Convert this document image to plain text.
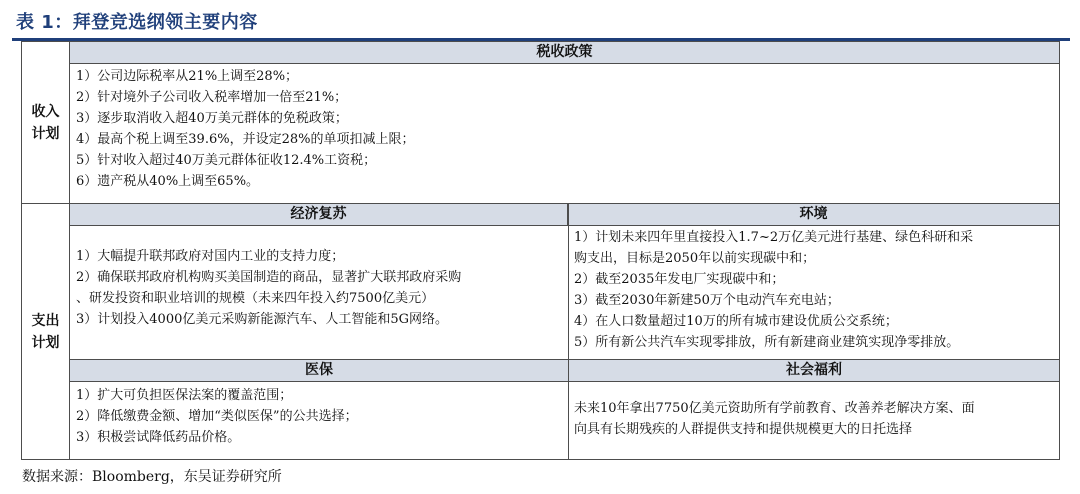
表 1：拜登竞选纲领主要内容
收入计划
税收政策
1）公司边际税率从21%上调至28%；
2）针对境外子公司收入税率增加一倍至21%；
3）逐步取消收入超40万美元群体的免税政策；
4）最高个税上调至39.6%，并设定28%的单项扣减上限；
5）针对收入超过40万美元群体征收12.4%工资税；
6）遗产税从40%上调至65%。
支出计划
经济复苏	环境
1）大幅提升联邦政府对国内工业的支持力度；
2）确保联邦政府机构购买美国制造的商品，显著扩大联邦政府采购
、研发投资和职业培训的规模（未来四年投入约7500亿美元）
3）计划投入4000亿美元采购新能源汽车、人工智能和5G网络。
1）计划未来四年里直接投入1.7~2万亿美元进行基建、绿色科研和采
购支出，目标是2050年以前实现碳中和；
2）截至2035年发电厂实现碳中和；
3）截至2030年新建50万个电动汽车充电站；
4）在人口数量超过10万的所有城市建设优质公交系统；
5）所有新公共汽车实现零排放，所有新建商业建筑实现净零排放。
医保	社会福利
1）扩大可负担医保法案的覆盖范围；
2）降低缴费金额、增加“类似医保”的公共选择；
3）积极尝试降低药品价格。
未来10年拿出7750亿美元资助所有学前教育、改善养老解决方案、面
向具有长期残疾的人群提供支持和提供规模更大的日托选择
数据来源：Bloomberg，东吴证券研究所
